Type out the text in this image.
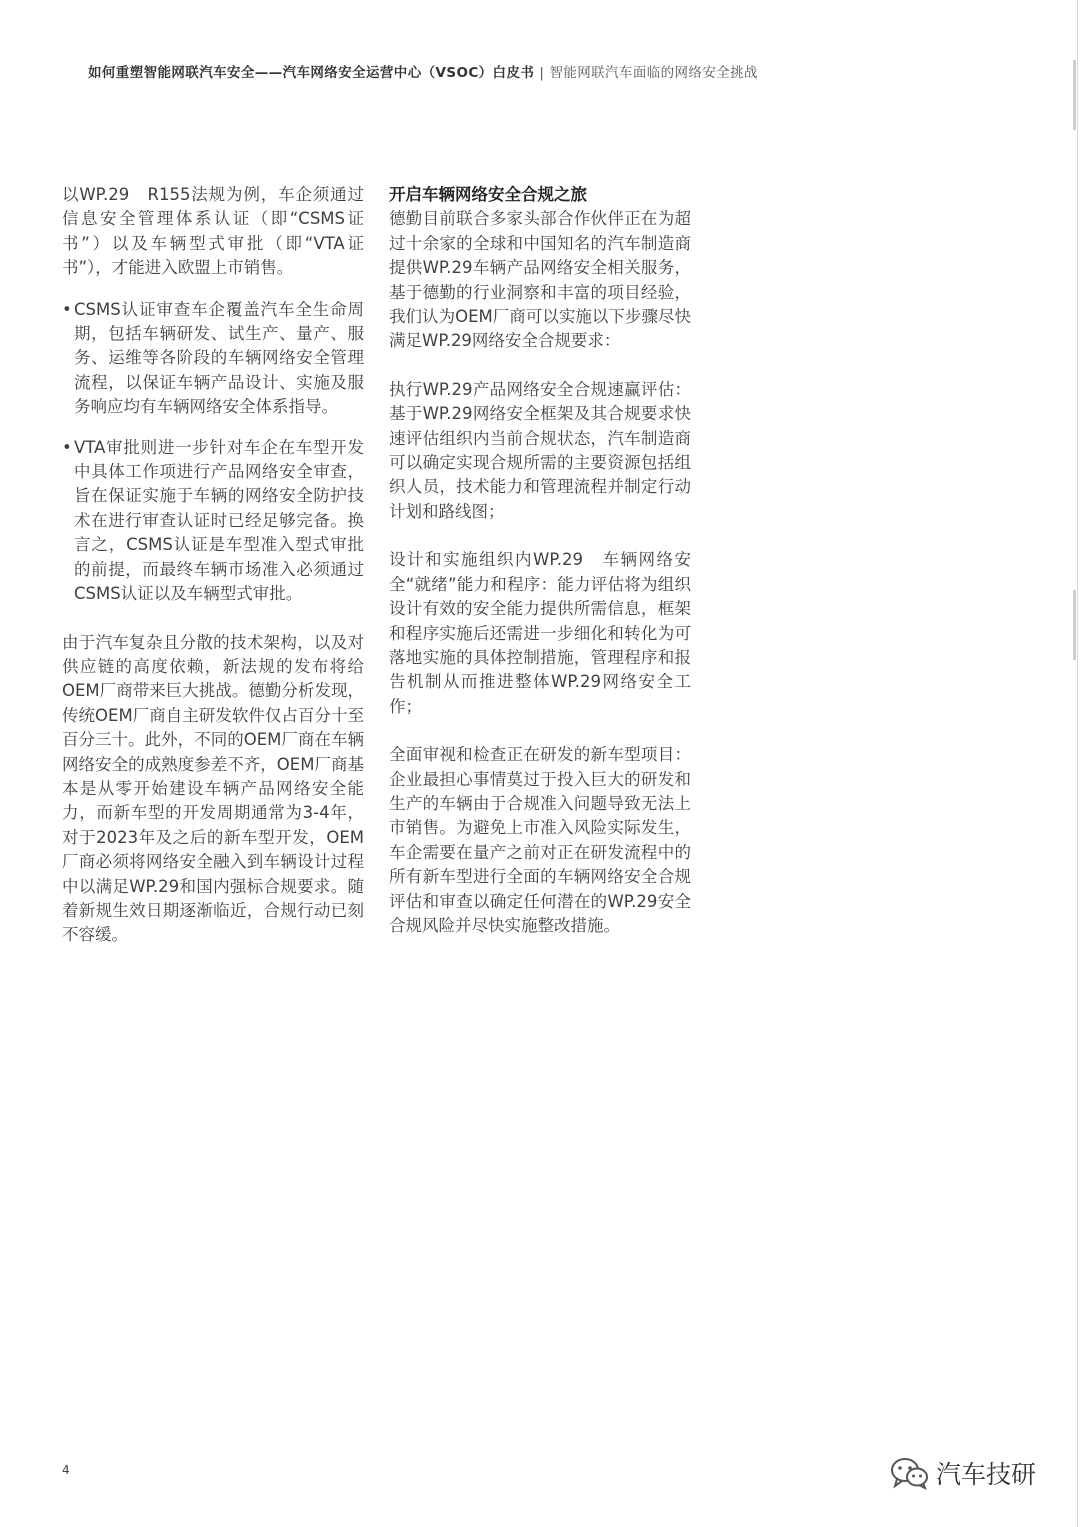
如何重塑智能网联汽车安全——汽车网络安全运营中心（VSOC）白皮书 | 智能网联汽车面临的网络安全挑战

以WP.29　R155法规为例，车企须通过信息安全管理体系认证（即“CSMS证书”）以及车辆型式审批（即“VTA证书”），才能进入欧盟上市销售。

• CSMS认证审查车企覆盖汽车全生命周期，包括车辆研发、试生产、量产、服务、运维等各阶段的车辆网络安全管理流程，以保证车辆产品设计、实施及服务响应均有车辆网络安全体系指导。
• VTA审批则进一步针对车企在车型开发中具体工作项进行产品网络安全审查，旨在保证实施于车辆的网络安全防护技术在进行审查认证时已经足够完备。换言之，CSMS认证是车型准入型式审批的前提，而最终车辆市场准入必须通过CSMS认证以及车辆型式审批。

由于汽车复杂且分散的技术架构，以及对供应链的高度依赖，新法规的发布将给OEM厂商带来巨大挑战。德勤分析发现，传统OEM厂商自主研发软件仅占百分十至百分三十。此外，不同的OEM厂商在车辆网络安全的成熟度参差不齐，OEM厂商基本是从零开始建设车辆产品网络安全能力，而新车型的开发周期通常为3-4年，对于2023年及之后的新车型开发，OEM厂商必须将网络安全融入到车辆设计过程中以满足WP.29和国内强标合规要求。随着新规生效日期逐渐临近，合规行动已刻不容缓。

开启车辆网络安全合规之旅

德勤目前联合多家头部合作伙伴正在为超过十余家的全球和中国知名的汽车制造商提供WP.29车辆产品网络安全相关服务，基于德勤的行业洞察和丰富的项目经验，我们认为OEM厂商可以实施以下步骤尽快满足WP.29网络安全合规要求：

执行WP.29产品网络安全合规速赢评估：基于WP.29网络安全框架及其合规要求快速评估组织内当前合规状态，汽车制造商可以确定实现合规所需的主要资源包括组织人员，技术能力和管理流程并制定行动计划和路线图；

设计和实施组织内WP.29　车辆网络安全“就绪”能力和程序：能力评估将为组织设计有效的安全能力提供所需信息，框架和程序实施后还需进一步细化和转化为可落地实施的具体控制措施，管理程序和报告机制从而推进整体WP.29网络安全工作；

全面审视和检查正在研发的新车型项目：企业最担心事情莫过于投入巨大的研发和生产的车辆由于合规准入问题导致无法上市销售。为避免上市准入风险实际发生，车企需要在量产之前对正在研发流程中的所有新车型进行全面的车辆网络安全合规评估和审查以确定任何潜在的WP.29安全合规风险并尽快实施整改措施。

4	汽车技研
